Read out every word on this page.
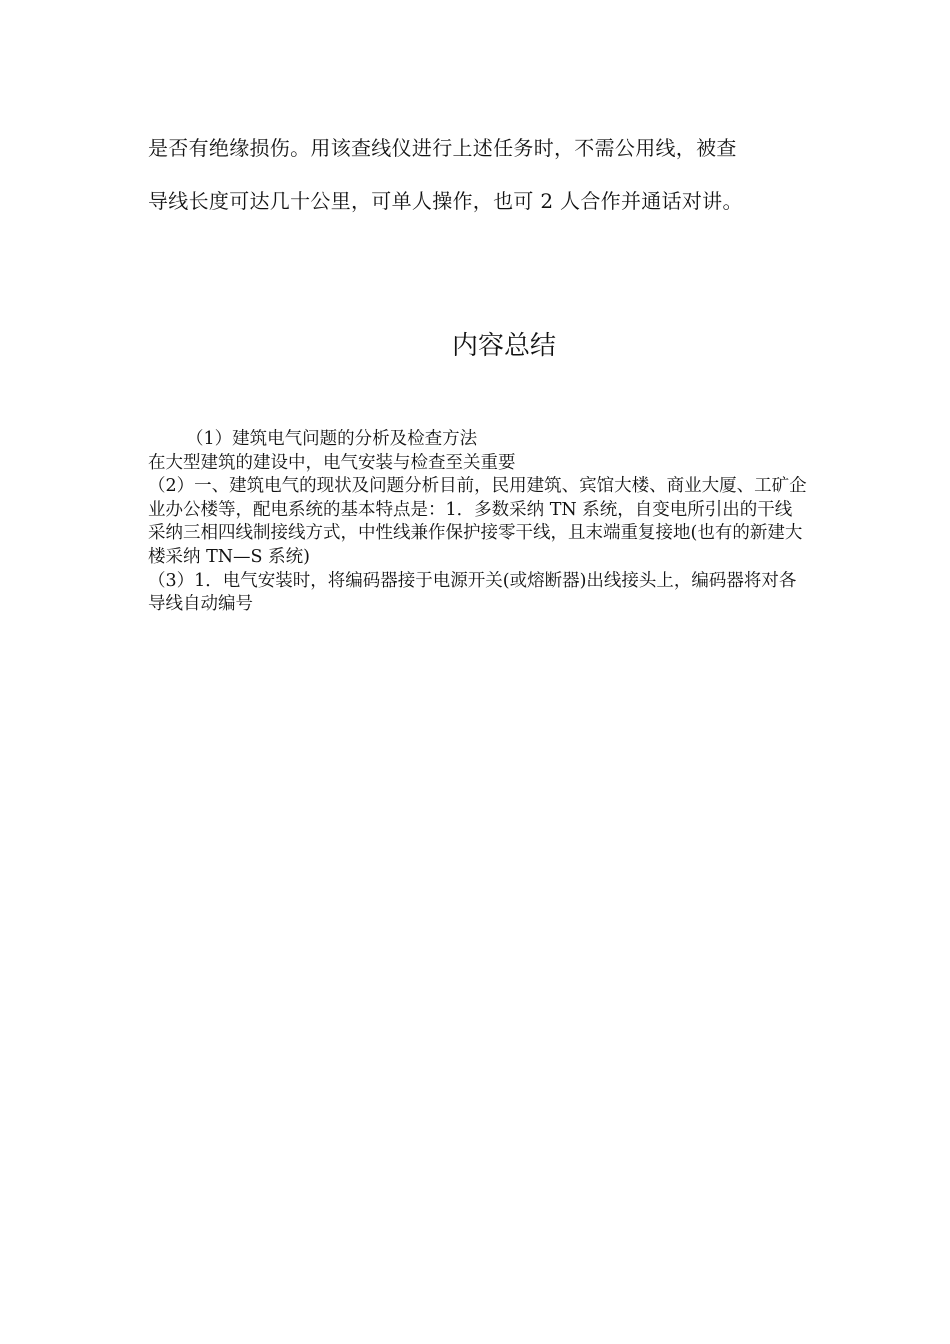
是否有绝缘损伤。用该查线仪进行上述任务时，不需公用线，被查

导线长度可达几十公里，可单人操作，也可 2 人合作并通话对讲。

内容总结

（1）建筑电气问题的分析及检查方法

在大型建筑的建设中，电气安装与检查至关重要

（2）一、建筑电气的现状及问题分析目前，民用建筑、宾馆大楼、商业大厦、工矿企业办公楼等，配电系统的基本特点是：1．多数采纳 TN 系统，自变电所引出的干线采纳三相四线制接线方式，中性线兼作保护接零干线，且末端重复接地(也有的新建大楼采纳 TN—S 系统)

（3）1．电气安装时，将编码器接于电源开关(或熔断器)出线接头上，编码器将对各导线自动编号
